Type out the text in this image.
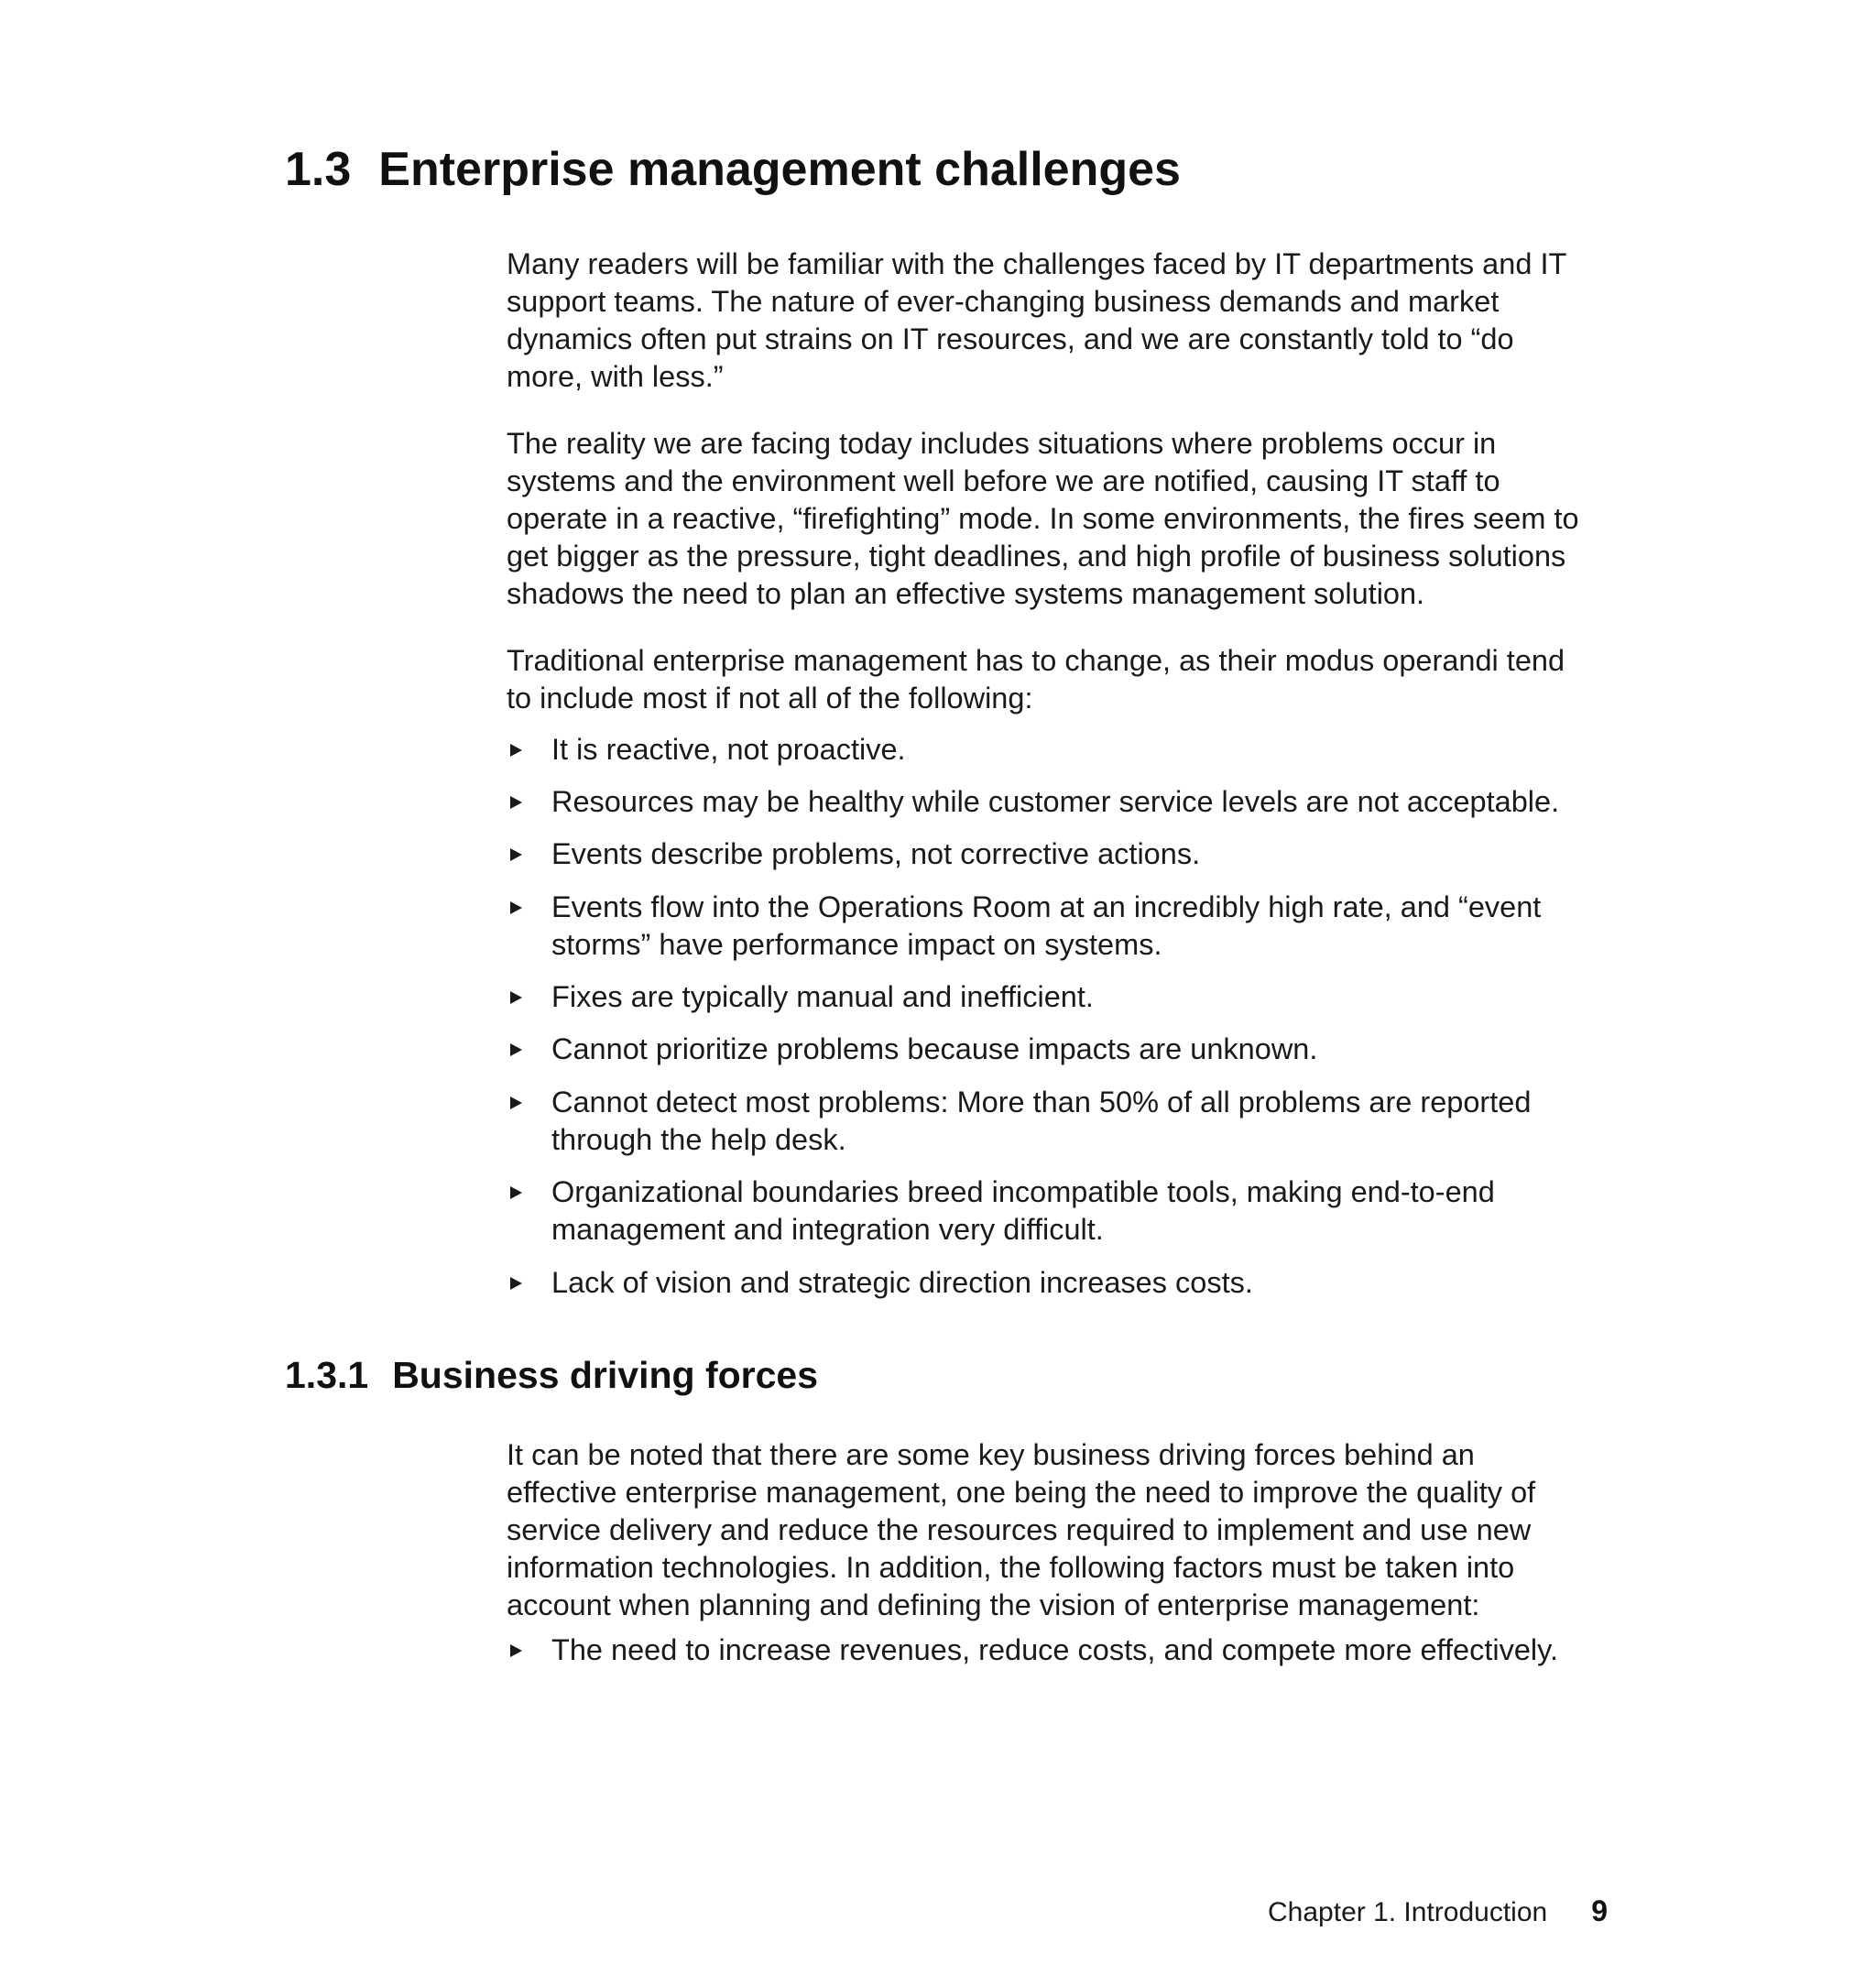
1.3 Enterprise management challenges

Many readers will be familiar with the challenges faced by IT departments and IT

support teams. The nature of ever-changing business demands and market

dynamics often put strains on IT resources, and we are constantly told to “do

more, with less.”

The reality we are facing today includes situations where problems occur in

systems and the environment well before we are notified, causing IT staff to

operate in a reactive, “firefighting” mode. In some environments, the fires seem to

get bigger as the pressure, tight deadlines, and high profile of business solutions

shadows the need to plan an effective systems management solution.

Traditional enterprise management has to change, as their modus operandi tend

to include most if not all of the following:

It is reactive, not proactive.
Resources may be healthy while customer service levels are not acceptable.
Events describe problems, not corrective actions.
Events flow into the Operations Room at an incredibly high rate, and “event
storms” have performance impact on systems.
Fixes are typically manual and inefficient.
Cannot prioritize problems because impacts are unknown.
Cannot detect most problems: More than 50% of all problems are reported
through the help desk.
Organizational boundaries breed incompatible tools, making end-to-end
management and integration very difficult.
Lack of vision and strategic direction increases costs.
1.3.1 Business driving forces

It can be noted that there are some key business driving forces behind an

effective enterprise management, one being the need to improve the quality of

service delivery and reduce the resources required to implement and use new

information technologies. In addition, the following factors must be taken into

account when planning and defining the vision of enterprise management:

The need to increase revenues, reduce costs, and compete more effectively.
Chapter 1. Introduction 9
